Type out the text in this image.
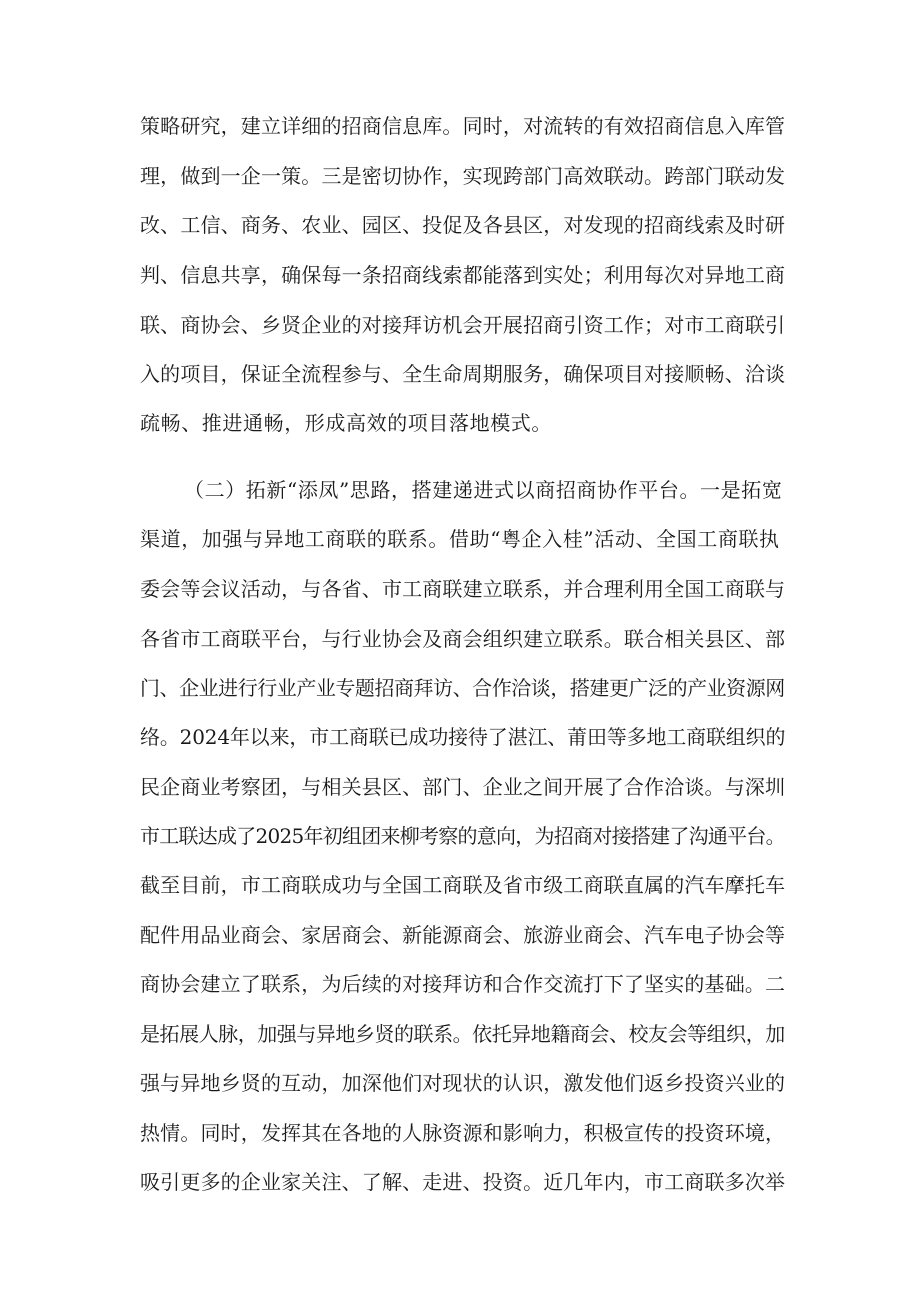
策略研究，建立详细的招商信息库。同时，对流转的有效招商信息入库管
理，做到一企一策。三是密切协作，实现跨部门高效联动。跨部门联动发
改、工信、商务、农业、园区、投促及各县区，对发现的招商线索及时研
判、信息共享，确保每一条招商线索都能落到实处；利用每次对异地工商
联、商协会、乡贤企业的对接拜访机会开展招商引资工作；对市工商联引
入的项目，保证全流程参与、全生命周期服务，确保项目对接顺畅、洽谈
疏畅、推进通畅，形成高效的项目落地模式。
（二）拓新“添凤”思路，搭建递进式以商招商协作平台。一是拓宽
渠道，加强与异地工商联的联系。借助“粤企入桂”活动、全国工商联执
委会等会议活动，与各省、市工商联建立联系，并合理利用全国工商联与
各省市工商联平台，与行业协会及商会组织建立联系。联合相关县区、部
门、企业进行行业产业专题招商拜访、合作洽谈，搭建更广泛的产业资源网
络。2024年以来，市工商联已成功接待了湛江、莆田等多地工商联组织的
民企商业考察团，与相关县区、部门、企业之间开展了合作洽谈。与深圳
市工联达成了2025年初组团来柳考察的意向，为招商对接搭建了沟通平台。
截至目前，市工商联成功与全国工商联及省市级工商联直属的汽车摩托车
配件用品业商会、家居商会、新能源商会、旅游业商会、汽车电子协会等
商协会建立了联系，为后续的对接拜访和合作交流打下了坚实的基础。二
是拓展人脉，加强与异地乡贤的联系。依托异地籍商会、校友会等组织，加
强与异地乡贤的互动，加深他们对现状的认识，激发他们返乡投资兴业的
热情。同时，发挥其在各地的人脉资源和影响力，积极宣传的投资环境，
吸引更多的企业家关注、了解、走进、投资。近几年内，市工商联多次举
